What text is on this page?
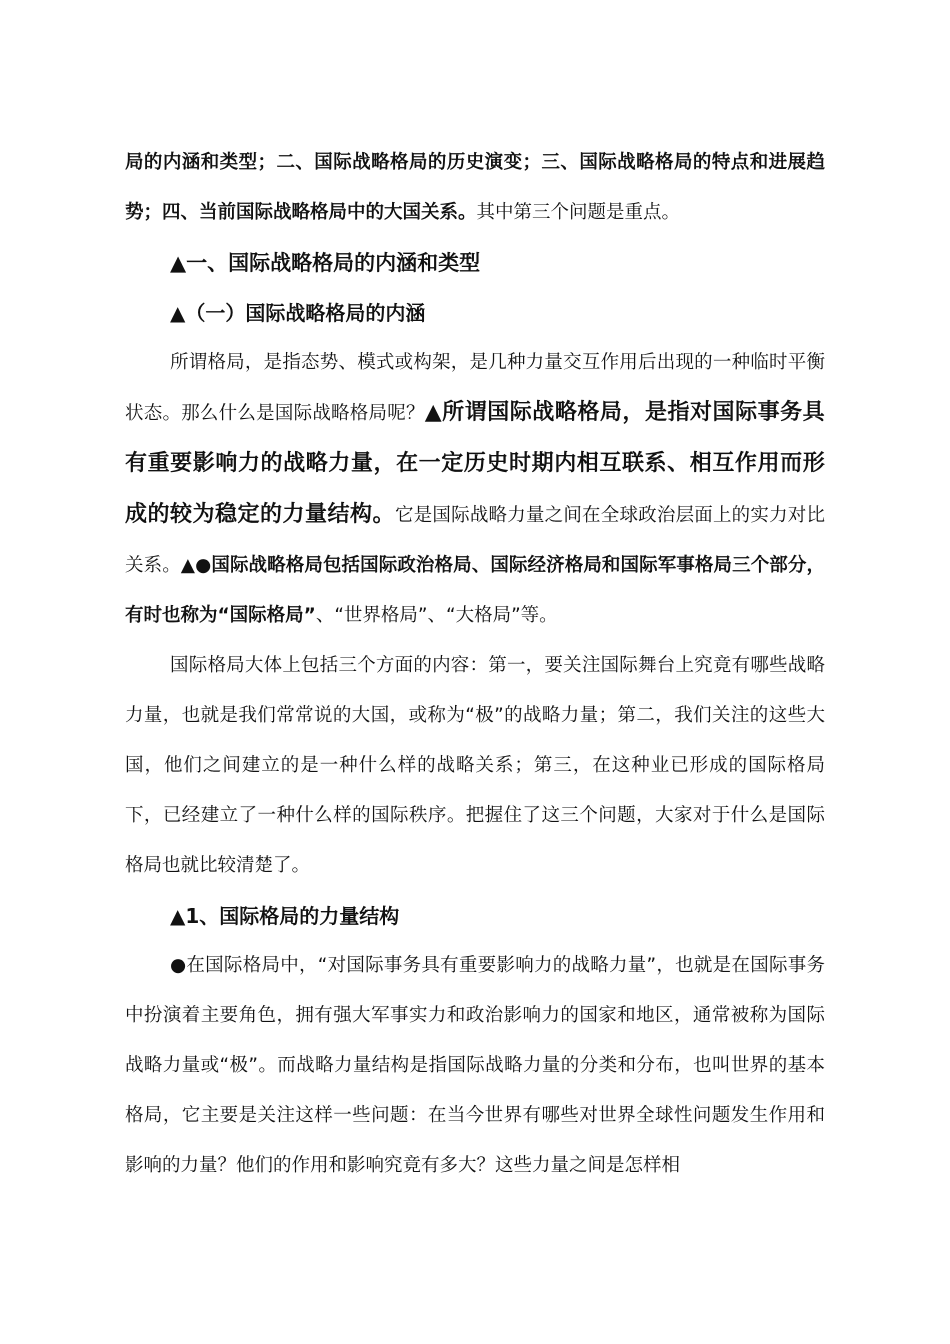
局的内涵和类型；二、国际战略格局的历史演变；三、国际战略格局的特点和进展趋势；四、当前国际战略格局中的大国关系。其中第三个问题是重点。

▲一、国际战略格局的内涵和类型

▲（一）国际战略格局的内涵

所谓格局，是指态势、模式或构架，是几种力量交互作用后出现的一种临时平衡状态。那么什么是国际战略格局呢？▲所谓国际战略格局，是指对国际事务具有重要影响力的战略力量，在一定历史时期内相互联系、相互作用而形成的较为稳定的力量结构。它是国际战略力量之间在全球政治层面上的实力对比关系。▲●国际战略格局包括国际政治格局、国际经济格局和国际军事格局三个部分，有时也称为“国际格局”、“世界格局”、“大格局”等。

国际格局大体上包括三个方面的内容：第一，要关注国际舞台上究竟有哪些战略力量，也就是我们常常说的大国，或称为“极”的战略力量；第二，我们关注的这些大国，他们之间建立的是一种什么样的战略关系；第三，在这种业已形成的国际格局下，已经建立了一种什么样的国际秩序。把握住了这三个问题，大家对于什么是国际格局也就比较清楚了。

▲1、国际格局的力量结构

●在国际格局中，“对国际事务具有重要影响力的战略力量”，也就是在国际事务中扮演着主要角色，拥有强大军事实力和政治影响力的国家和地区，通常被称为国际战略力量或“极”。而战略力量结构是指国际战略力量的分类和分布，也叫世界的基本格局，它主要是关注这样一些问题：在当今世界有哪些对世界全球性问题发生作用和影响的力量？他们的作用和影响究竟有多大？这些力量之间是怎样相
